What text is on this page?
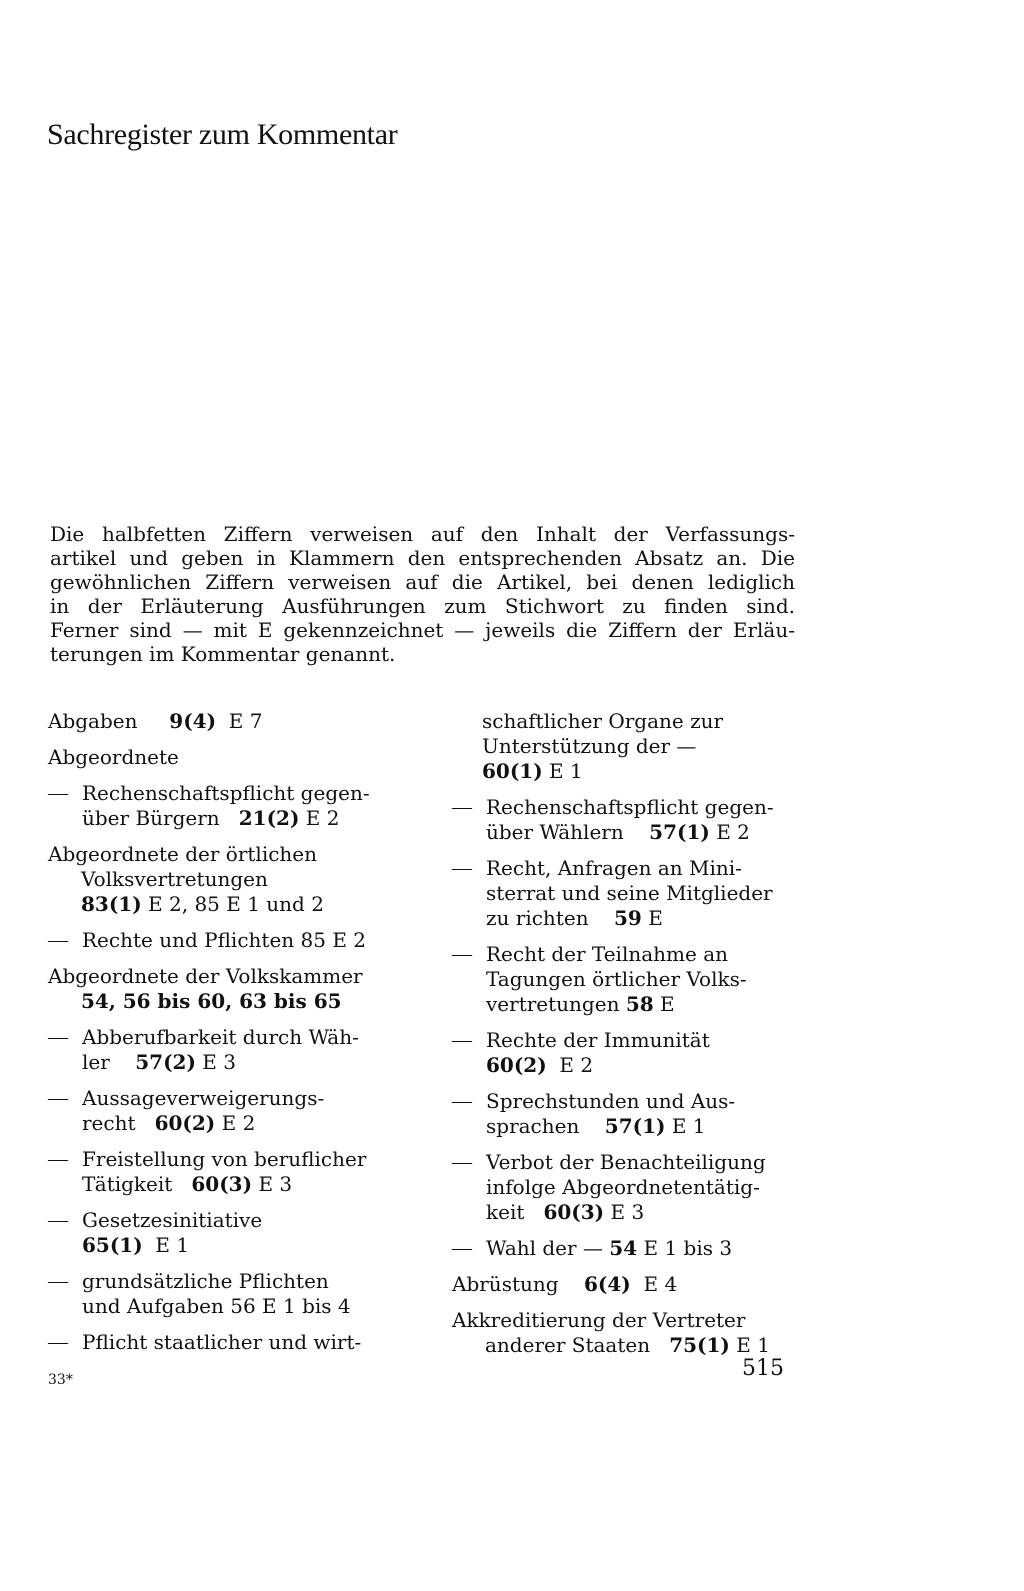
Sachregister zum Kommentar
Die halbfetten Ziffern verweisen auf den Inhalt der Verfassungs-
artikel und geben in Klammern den entsprechenden Absatz an. Die
gewöhnlichen Ziffern verweisen auf die Artikel, bei denen lediglich
in der Erläuterung Ausführungen zum Stichwort zu finden sind.
Ferner sind — mit E gekennzeichnet — jeweils die Ziffern der Erläu-
terungen im Kommentar genannt.
Abgaben 9(4) E 7
Abgeordnete
— Rechenschaftspflicht gegen-
über Bürgern 21(2) E 2
Abgeordnete der örtlichen
Volksvertretungen
83(1) E 2, 85 E 1 und 2
— Rechte und Pflichten 85 E 2
Abgeordnete der Volkskammer
54, 56 bis 60, 63 bis 65
— Abberufbarkeit durch Wäh-
ler 57(2) E 3
— Aussageverweigerungs-
recht 60(2) E 2
— Freistellung von beruflicher
Tätigkeit 60(3) E 3
— Gesetzesinitiative
65(1) E 1
— grundsätzliche Pflichten
und Aufgaben 56 E 1 bis 4
— Pflicht staatlicher und wirt-
schaftlicher Organe zur
Unterstützung der —
60(1) E 1
— Rechenschaftspflicht gegen-
über Wählern 57(1) E 2
— Recht, Anfragen an Mini-
sterrat und seine Mitglieder
zu richten 59 E
— Recht der Teilnahme an
Tagungen örtlicher Volks-
vertretungen 58 E
— Rechte der Immunität
60(2) E 2
— Sprechstunden und Aus-
sprachen 57(1) E 1
— Verbot der Benachteiligung
infolge Abgeordnetentätig-
keit 60(3) E 3
— Wahl der — 54 E 1 bis 3
Abrüstung 6(4) E 4
Akkreditierung der Vertreter
anderer Staaten 75(1) E 1
33*	515
